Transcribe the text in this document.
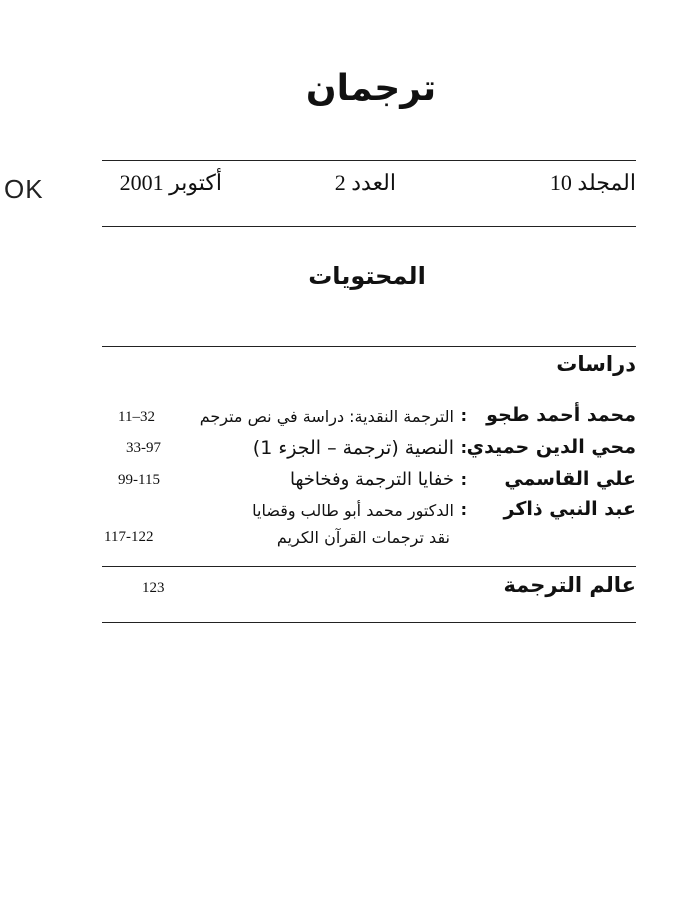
ترجمان
المجلد 10
العدد 2
أكتوبر 2001
OK
المحتويات
دراسات
محمد أحمد طجو
:
الترجمة النقدية: دراسة في نص مترجم
11–32
محي الدين حميدي
:
النصية (ترجمة – الجزء 1)
33-97
علي القاسمي
:
خفايا الترجمة وفخاخها
99-115
عبد النبي ذاكر
:
الدكتور محمد أبو طالب وقضايا
نقد ترجمات القرآن الكريم
117-122
عالم الترجمة
123
